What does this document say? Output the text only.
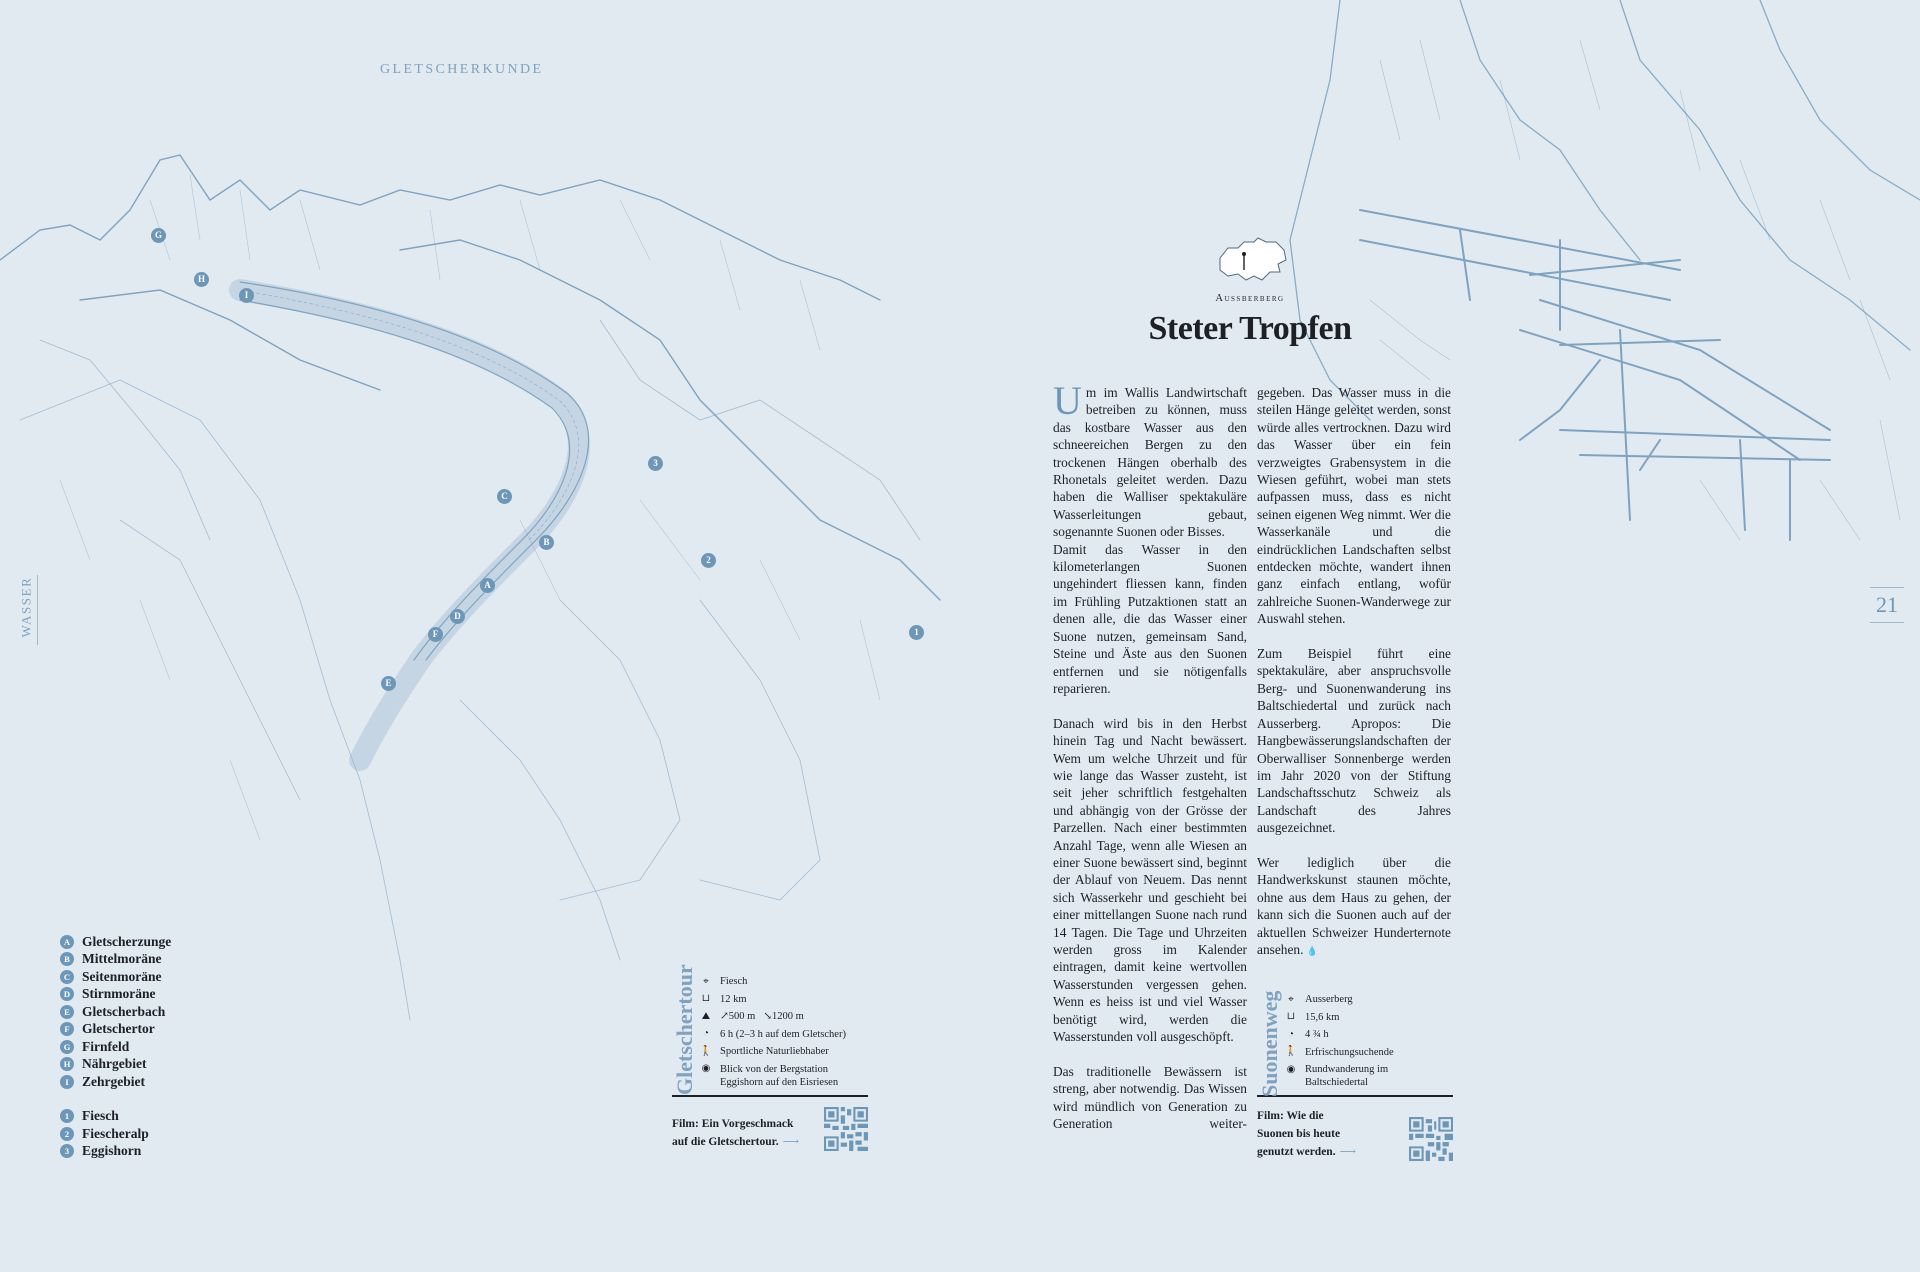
GLETSCHERKUNDE
WASSER
G
H
I
C
B
A
D
F
E
3
2
1
A Gletscherzunge
B Mittelmoräne
C Seitenmoräne
D Stirnmoräne
E Gletscherbach
F Gletschertor
G Firnfeld
H Nährgebiet
I Zehrgebiet
1 Fiesch
2 Fiescheralp
3 Eggishorn
Gletschertour ⌖	Fiesch
⊔ 12 km
⛰ ↗500 m
↘1200 m
◔ 6 h (2–3 h auf dem Gletscher)
🚶 Sportliche Naturliebhaber
◉ Blick von der Bergstation Eggishorn auf den Eisriesen
Film: Ein Vorgeschmack
auf die Gletschertour. ⟶
Aussberberg
Steter Tropfen

Um im Wallis Landwirtschaft betreiben zu können, muss das kostbare Wasser aus den schneereichen Bergen zu den trockenen Hängen oberhalb des Rhonetals geleitet werden. Dazu haben die Walliser spektakuläre Wasserleitungen gebaut, sogenannte Suonen oder Bisses.

Damit das Wasser in den kilometerlangen Suonen ungehindert fliessen kann, finden im Frühling Putzaktionen statt an denen alle, die das Wasser einer Suone nutzen, gemeinsam Sand, Steine und Äste aus den Suonen entfernen und sie nötigenfalls reparieren.

Danach wird bis in den Herbst hinein Tag und Nacht bewässert. Wem um welche Uhrzeit und für wie lange das Wasser zusteht, ist seit jeher schriftlich festgehalten und abhängig von der Grösse der Parzellen. Nach einer bestimmten Anzahl Tage, wenn alle Wiesen an einer Suone bewässert sind, beginnt der Ablauf von Neuem. Das nennt sich Wasserkehr und geschieht bei einer mittellangen Suone nach rund 14 Tagen. Die Tage und Uhrzeiten werden gross im Kalender eintragen, damit keine wertvollen Wasserstunden vergessen gehen. Wenn es heiss ist und viel Wasser benötigt wird, werden die Wasserstunden voll ausgeschöpft.

Das traditionelle Bewässern ist streng, aber notwendig. Das Wissen wird mündlich von Generation zu Generation weiter-

gegeben. Das Wasser muss in die steilen Hänge geleitet werden, sonst würde alles vertrocknen. Dazu wird das Wasser über ein fein verzweigtes Grabensystem in die Wiesen geführt, wobei man stets aufpassen muss, dass es nicht seinen eigenen Weg nimmt. Wer die Wasserkanäle und die eindrücklichen Landschaften selbst entdecken möchte, wandert ihnen ganz einfach entlang, wofür zahlreiche Suonen-Wanderwege zur Auswahl stehen.

Zum Beispiel führt eine spektakuläre, aber anspruchsvolle Berg- und Suonenwanderung ins Baltschiedertal und zurück nach Ausserberg. Apropos: Die Hangbewässerungslandschaften der Oberwalliser Sonnenberge werden im Jahr 2020 von der Stiftung Landschaftsschutz Schweiz als Landschaft des Jahres ausgezeichnet.

Wer lediglich über die Handwerkskunst staunen möchte, ohne aus dem Haus zu gehen, der kann sich die Suonen auch auf der aktuellen Schweizer Hunderternote ansehen. 💧

Suonenweg ⌖	Ausserberg
⊔ 15,6 km
◔ 4 ¾ h
🚶 Erfrischungsuchende
◉ Rundwanderung im Baltschiedertal
Film: Wie die
Suonen bis heute
genutzt werden. ⟶
21
